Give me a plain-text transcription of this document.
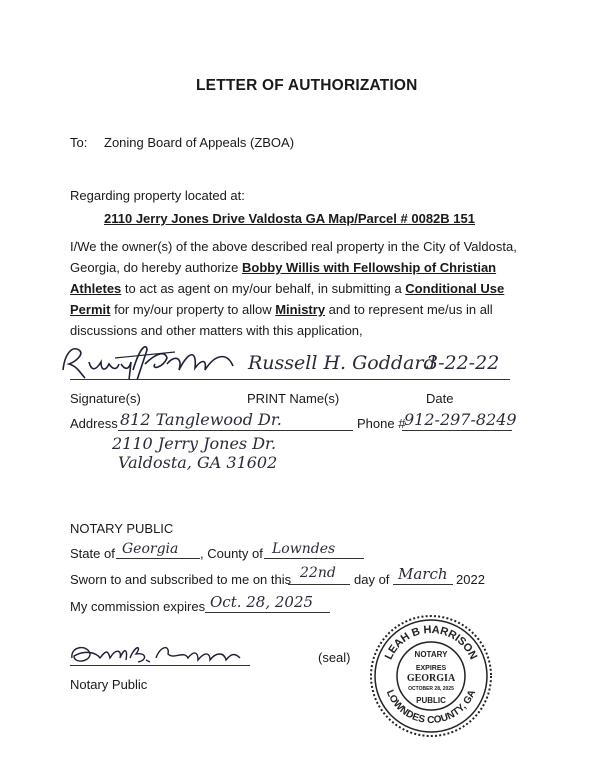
LETTER OF AUTHORIZATION
To: Zoning Board of Appeals (ZBOA)
Regarding property located at:
2110 Jerry Jones Drive Valdosta GA Map/Parcel # 0082B 151
I/We the owner(s) of the above described real property in the City of Valdosta, Georgia, do hereby authorize Bobby Willis with Fellowship of Christian Athletes to act as agent on my/our behalf, in submitting a Conditional Use Permit for my/our property to allow Ministry and to represent me/us in all discussions and other matters with this application,
Russell H. Goddard
3-22-22
Signature(s)	PRINT Name(s)	Date
Address 812 Tanglewood Dr.	Phone #
912-297-8249
2110 Jerry Jones Dr.
Valdosta, GA 31602
NOTARY PUBLIC
State of Georgia , County of Lowndes
Sworn to and subscribed to me on this 22nd day of March 2022
My commission expires Oct. 28, 2025
(seal)
Notary Public
LEAH B HARRISON
LOWNDES COUNTY, GA
NOTARY
EXPIRES
GEORGIA
OCTOBER 28, 2025
PUBLIC
